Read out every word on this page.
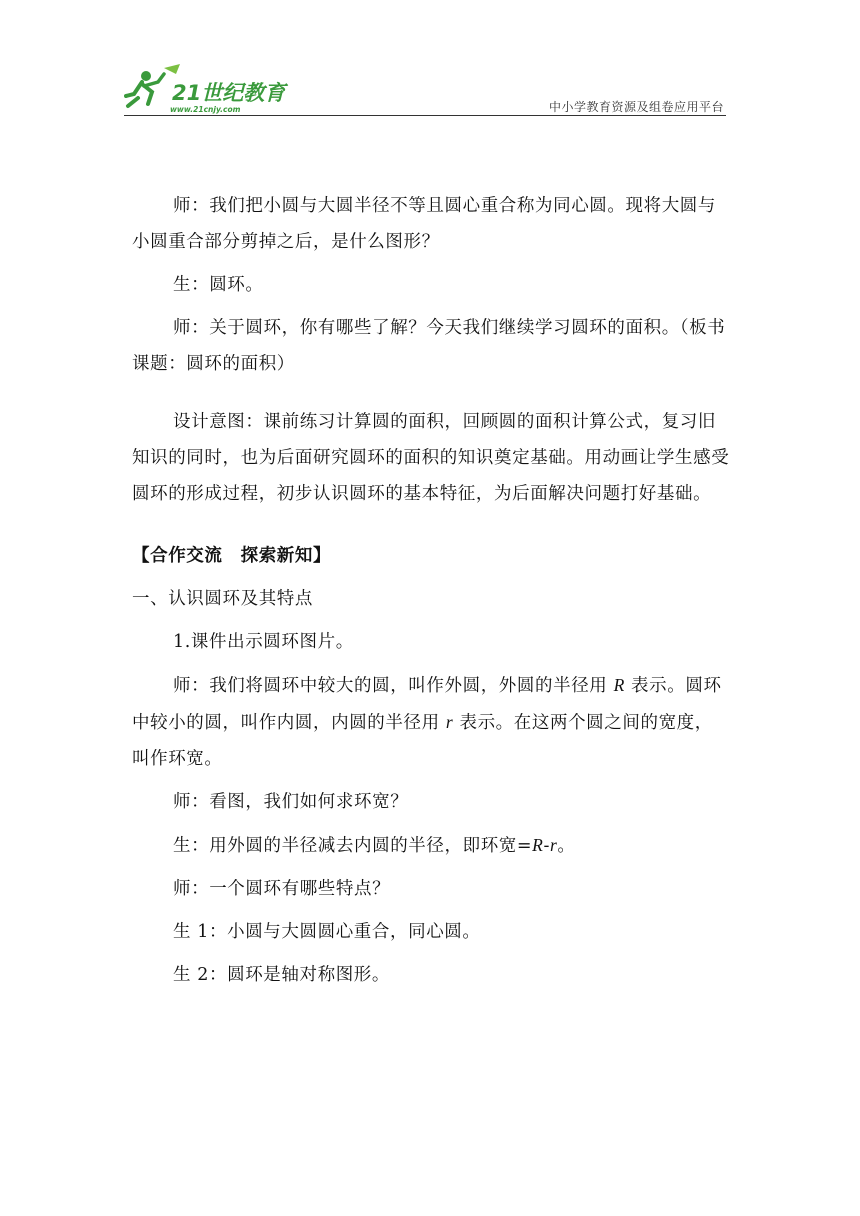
21世纪教育
www.21cnjy.com	中小学教育资源及组卷应用平台

师：我们把小圆与大圆半径不等且圆心重合称为同心圆。现将大圆与小圆重合部分剪掉之后，是什么图形？

生：圆环。

师：关于圆环，你有哪些了解？今天我们继续学习圆环的面积。（板书课题：圆环的面积）

设计意图：课前练习计算圆的面积，回顾圆的面积计算公式，复习旧知识的同时，也为后面研究圆环的面积的知识奠定基础。用动画让学生感受圆环的形成过程，初步认识圆环的基本特征，为后面解决问题打好基础。

【合作交流　探索新知】

一、认识圆环及其特点

1.课件出示圆环图片。

师：我们将圆环中较大的圆，叫作外圆，外圆的半径用 R 表示。圆环中较小的圆，叫作内圆，内圆的半径用 r 表示。在这两个圆之间的宽度，叫作环宽。

师：看图，我们如何求环宽？

生：用外圆的半径减去内圆的半径，即环宽=R-r。

师：一个圆环有哪些特点？

生 1：小圆与大圆圆心重合，同心圆。

生 2：圆环是轴对称图形。
